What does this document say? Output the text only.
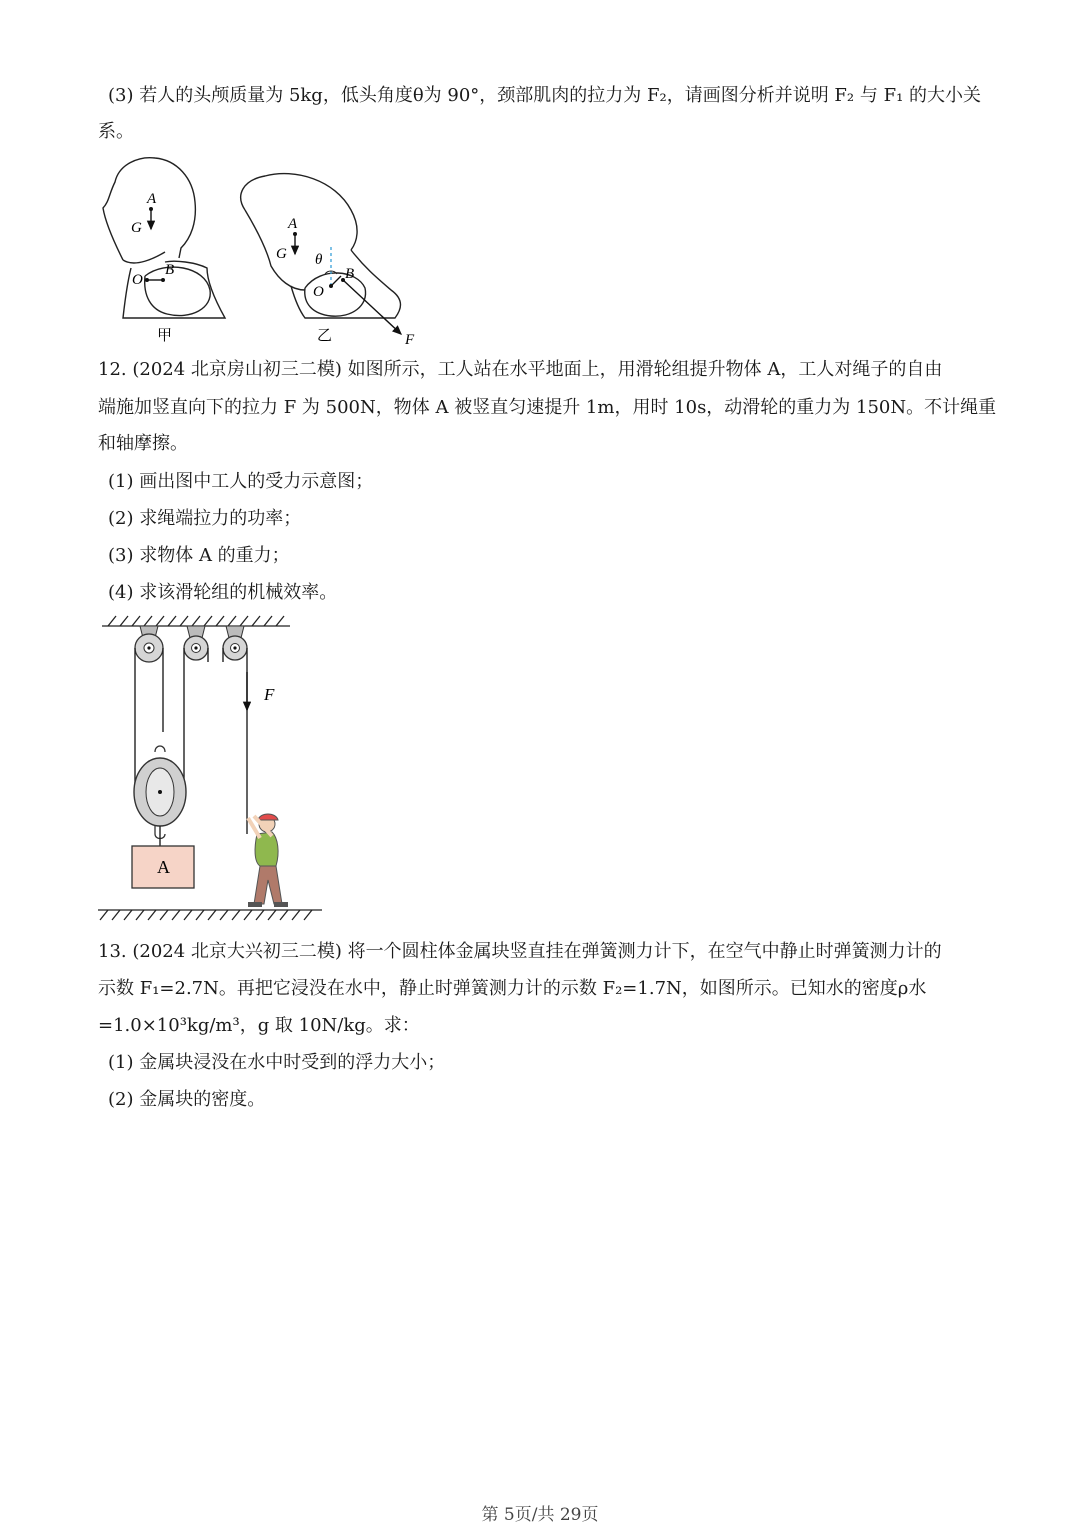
(3) 若人的头颅质量为 5kg，低头角度θ为 90°，颈部肌肉的拉力为 F₂，请画图分析并说明 F₂ 与 F₁ 的大小关
系。
A
G
O
B
甲
A
G θ
O
B
F
乙
12. (2024 北京房山初三二模) 如图所示，工人站在水平地面上，用滑轮组提升物体 A，工人对绳子的自由
端施加竖直向下的拉力 F 为 500N，物体 A 被竖直匀速提升 1m，用时 10s，动滑轮的重力为 150N。不计绳重
和轴摩擦。
(1) 画出图中工人的受力示意图；
(2) 求绳端拉力的功率；
(3) 求物体 A 的重力；
(4) 求该滑轮组的机械效率。
F
A
13. (2024 北京大兴初三二模) 将一个圆柱体金属块竖直挂在弹簧测力计下，在空气中静止时弹簧测力计的
示数 F₁=2.7N。再把它浸没在水中，静止时弹簧测力计的示数 F₂=1.7N，如图所示。已知水的密度ρ水
=1.0×10³kg/m³，g 取 10N/kg。求：
(1) 金属块浸没在水中时受到的浮力大小；
(2) 金属块的密度。
第 5页/共 29页
